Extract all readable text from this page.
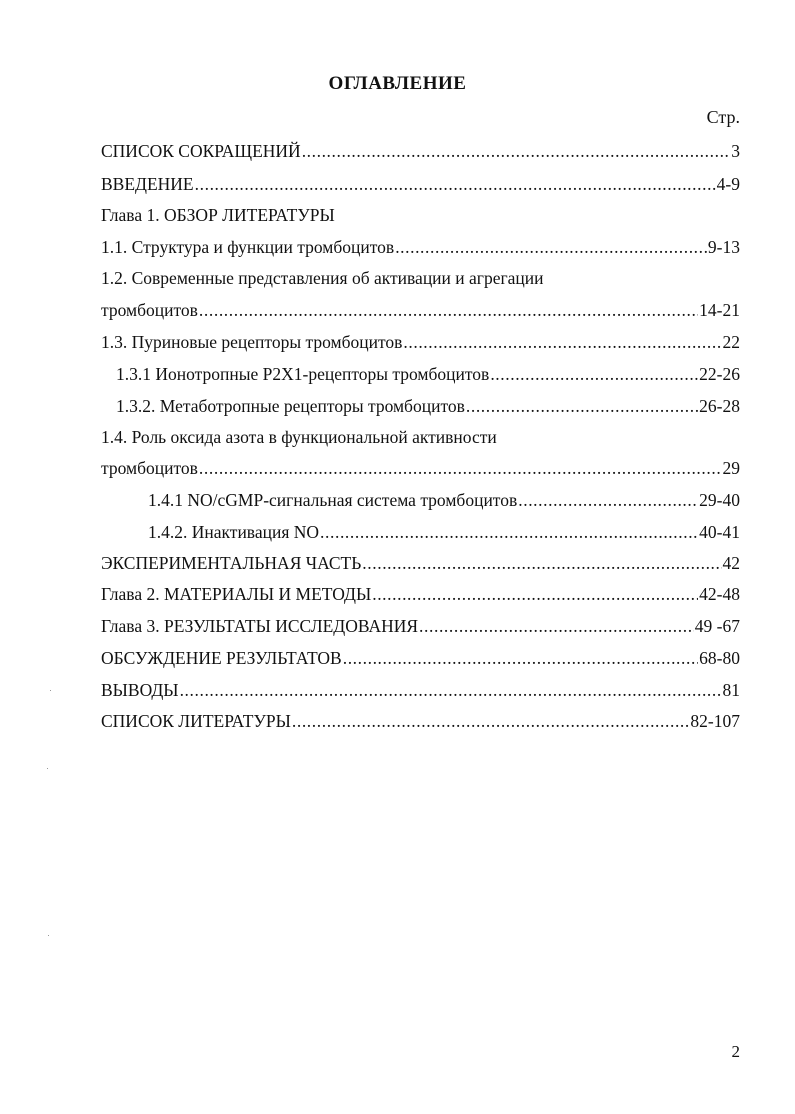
ОГЛАВЛЕНИЕ
Стр.
СПИСОК СОКРАЩЕНИЙ .....	3
ВВЕДЕНИЕ .....	4-9
Глава 1. ОБЗОР ЛИТЕРАТУРЫ
1.1. Структура и функции тромбоцитов .....	9-13
1.2. Современные представления об активации и агрегации
тромбоцитов .....	14-21
1.3. Пуриновые рецепторы тромбоцитов .....	22
1.3.1 Ионотропные P2X1-рецепторы тромбоцитов .....	22-26
1.3.2. Метаботропные рецепторы тромбоцитов .....	26-28
1.4. Роль оксида азота в функциональной активности
тромбоцитов .....	29
1.4.1 NO/cGMP-сигнальная система тромбоцитов .....	29-40
1.4.2. Инактивация NO .....	40-41
ЭКСПЕРИМЕНТАЛЬНАЯ ЧАСТЬ .....	42
Глава 2. МАТЕРИАЛЫ И МЕТОДЫ .....	42-48
Глава 3. РЕЗУЛЬТАТЫ ИССЛЕДОВАНИЯ .....	49 -67
ОБСУЖДЕНИЕ РЕЗУЛЬТАТОВ .....	68-80
ВЫВОДЫ .....	81
СПИСОК ЛИТЕРАТУРЫ .....	82-107
2
